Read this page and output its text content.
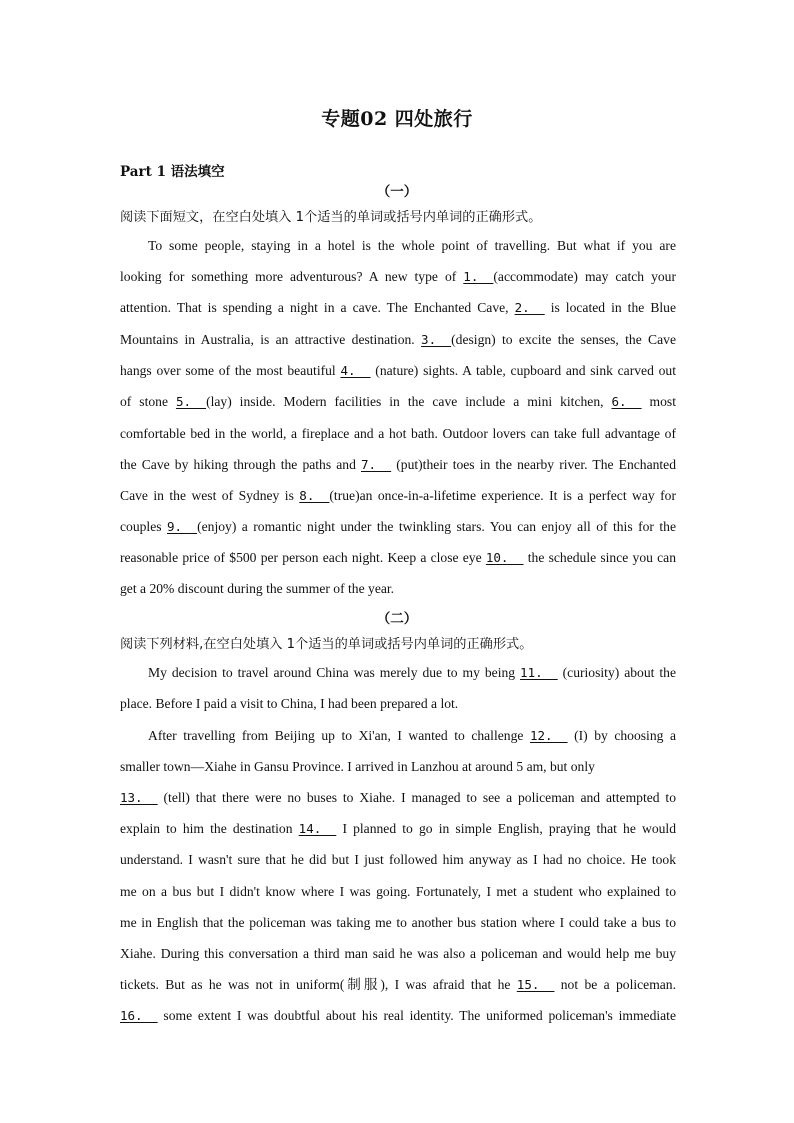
专题02 四处旅行
Part 1 语法填空
（一）
阅读下面短文，在空白处填入 1个适当的单词或括号内单词的正确形式。
To some people, staying in a hotel is the whole point of travelling. But what if you are
looking for something more adventurous? A new type of 1.  (accommodate) may catch your
attention. That is spending a night in a cave. The Enchanted Cave, 2.   is located in the Blue
Mountains in Australia, is an attractive destination. 3.  (design) to excite the senses, the Cave
hangs over some of the most beautiful 4.   (nature) sights. A table, cupboard and sink carved out
of stone 5.  (lay) inside. Modern facilities in the cave include a mini kitchen, 6.   most
comfortable bed in the world, a fireplace and a hot bath. Outdoor lovers can take full advantage of
the Cave by hiking through the paths and 7.   (put)their toes in the nearby river. The Enchanted
Cave in the west of Sydney is 8.  (true)an once-in-a-lifetime experience. It is a perfect way for
couples 9.  (enjoy) a romantic night under the twinkling stars. You can enjoy all of this for the
reasonable price of $500 per person each night. Keep a close eye 10.   the schedule since you can
get a 20% discount during the summer of the year.
（二）
阅读下列材料,在空白处填入 1个适当的单词或括号内单词的正确形式。
My decision to travel around China was merely due to my being 11.   (curiosity) about the
place. Before I paid a visit to China, I had been prepared a lot.
After travelling from Beijing up to Xi'an, I wanted to challenge 12.   (I) by choosing a
smaller town—Xiahe in Gansu Province. I arrived in Lanzhou at around 5 am, but only
13.   (tell) that there were no buses to Xiahe. I managed to see a policeman and attempted to
explain to him the destination 14.   I planned to go in simple English, praying that he would
understand. I wasn't sure that he did but I just followed him anyway as I had no choice. He took
me on a bus but I didn't know where I was going. Fortunately, I met a student who explained to
me in English that the policeman was taking me to another bus station where I could take a bus to
Xiahe. During this conversation a third man said he was also a policeman and would help me buy
tickets. But as he was not in uniform(制服), I was afraid that he 15.   not be a policeman.
16.   some extent I was doubtful about his real identity. The uniformed policeman's immediate
